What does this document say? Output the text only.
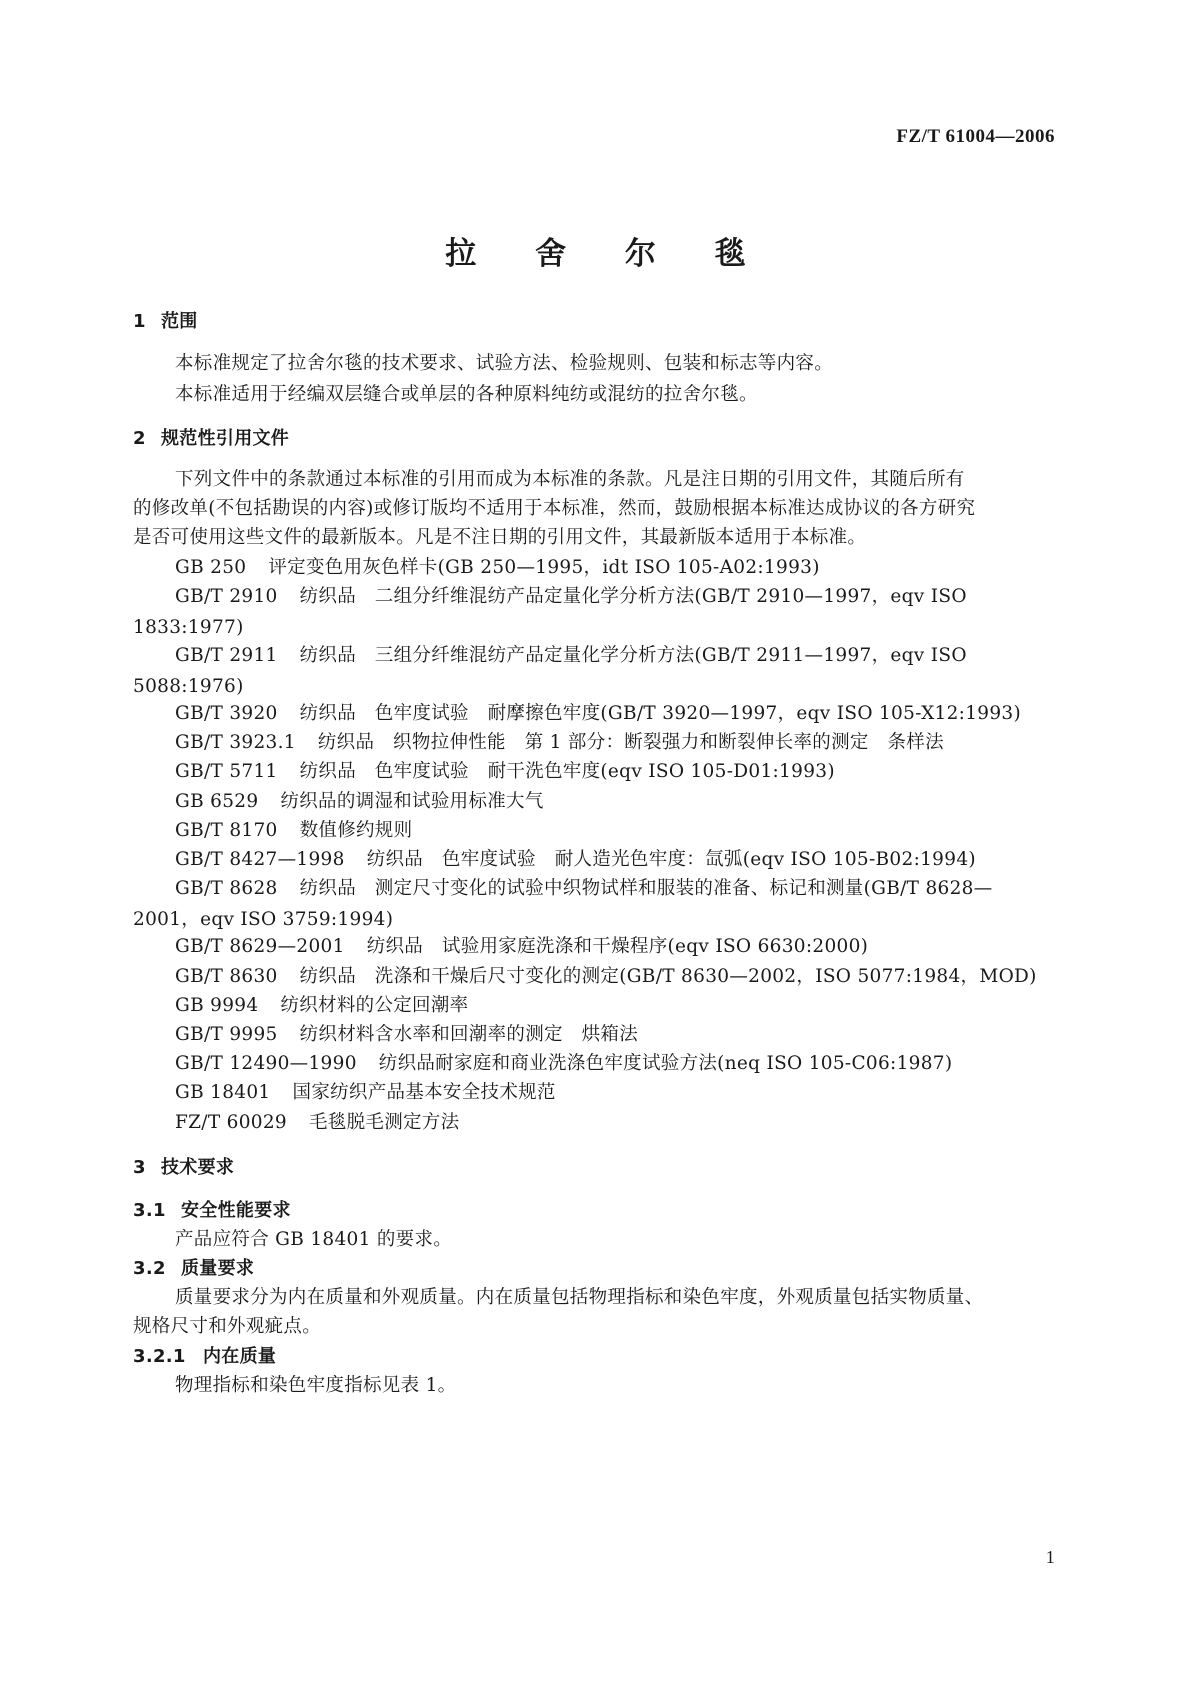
FZ/T 61004—2006
拉 舍 尔 毯
1 范围
本标准规定了拉舍尔毯的技术要求、试验方法、检验规则、包装和标志等内容。
本标准适用于经编双层缝合或单层的各种原料纯纺或混纺的拉舍尔毯。
2 规范性引用文件
下列文件中的条款通过本标准的引用而成为本标准的条款。凡是注日期的引用文件，其随后所有
的修改单(不包括勘误的内容)或修订版均不适用于本标准，然而，鼓励根据本标准达成协议的各方研究
是否可使用这些文件的最新版本。凡是不注日期的引用文件，其最新版本适用于本标准。
GB 250 评定变色用灰色样卡(GB 250—1995，idt ISO 105-A02:1993)
GB/T 2910 纺织品　二组分纤维混纺产品定量化学分析方法(GB/T 2910—1997，eqv ISO 1833:1977)
GB/T 2911 纺织品　三组分纤维混纺产品定量化学分析方法(GB/T 2911—1997，eqv ISO 5088:1976)
GB/T 3920 纺织品　色牢度试验　耐摩擦色牢度(GB/T 3920—1997，eqv ISO 105-X12:1993)
GB/T 3923.1 纺织品　织物拉伸性能　第 1 部分：断裂强力和断裂伸长率的测定　条样法
GB/T 5711 纺织品　色牢度试验　耐干洗色牢度(eqv ISO 105-D01:1993)
GB 6529 纺织品的调湿和试验用标准大气
GB/T 8170 数值修约规则
GB/T 8427—1998 纺织品　色牢度试验　耐人造光色牢度：氙弧(eqv ISO 105-B02:1994)
GB/T 8628 纺织品　测定尺寸变化的试验中织物试样和服装的准备、标记和测量(GB/T 8628—2001，eqv ISO 3759:1994)
GB/T 8629—2001 纺织品　试验用家庭洗涤和干燥程序(eqv ISO 6630:2000)
GB/T 8630 纺织品　洗涤和干燥后尺寸变化的测定(GB/T 8630—2002，ISO 5077:1984，MOD)
GB 9994 纺织材料的公定回潮率
GB/T 9995 纺织材料含水率和回潮率的测定　烘箱法
GB/T 12490—1990 纺织品耐家庭和商业洗涤色牢度试验方法(neq ISO 105-C06:1987)
GB 18401 国家纺织产品基本安全技术规范
FZ/T 60029 毛毯脱毛测定方法
3 技术要求
3.1 安全性能要求
产品应符合 GB 18401 的要求。
3.2 质量要求
质量要求分为内在质量和外观质量。内在质量包括物理指标和染色牢度，外观质量包括实物质量、
规格尺寸和外观疵点。
3.2.1 内在质量
物理指标和染色牢度指标见表 1。
1
